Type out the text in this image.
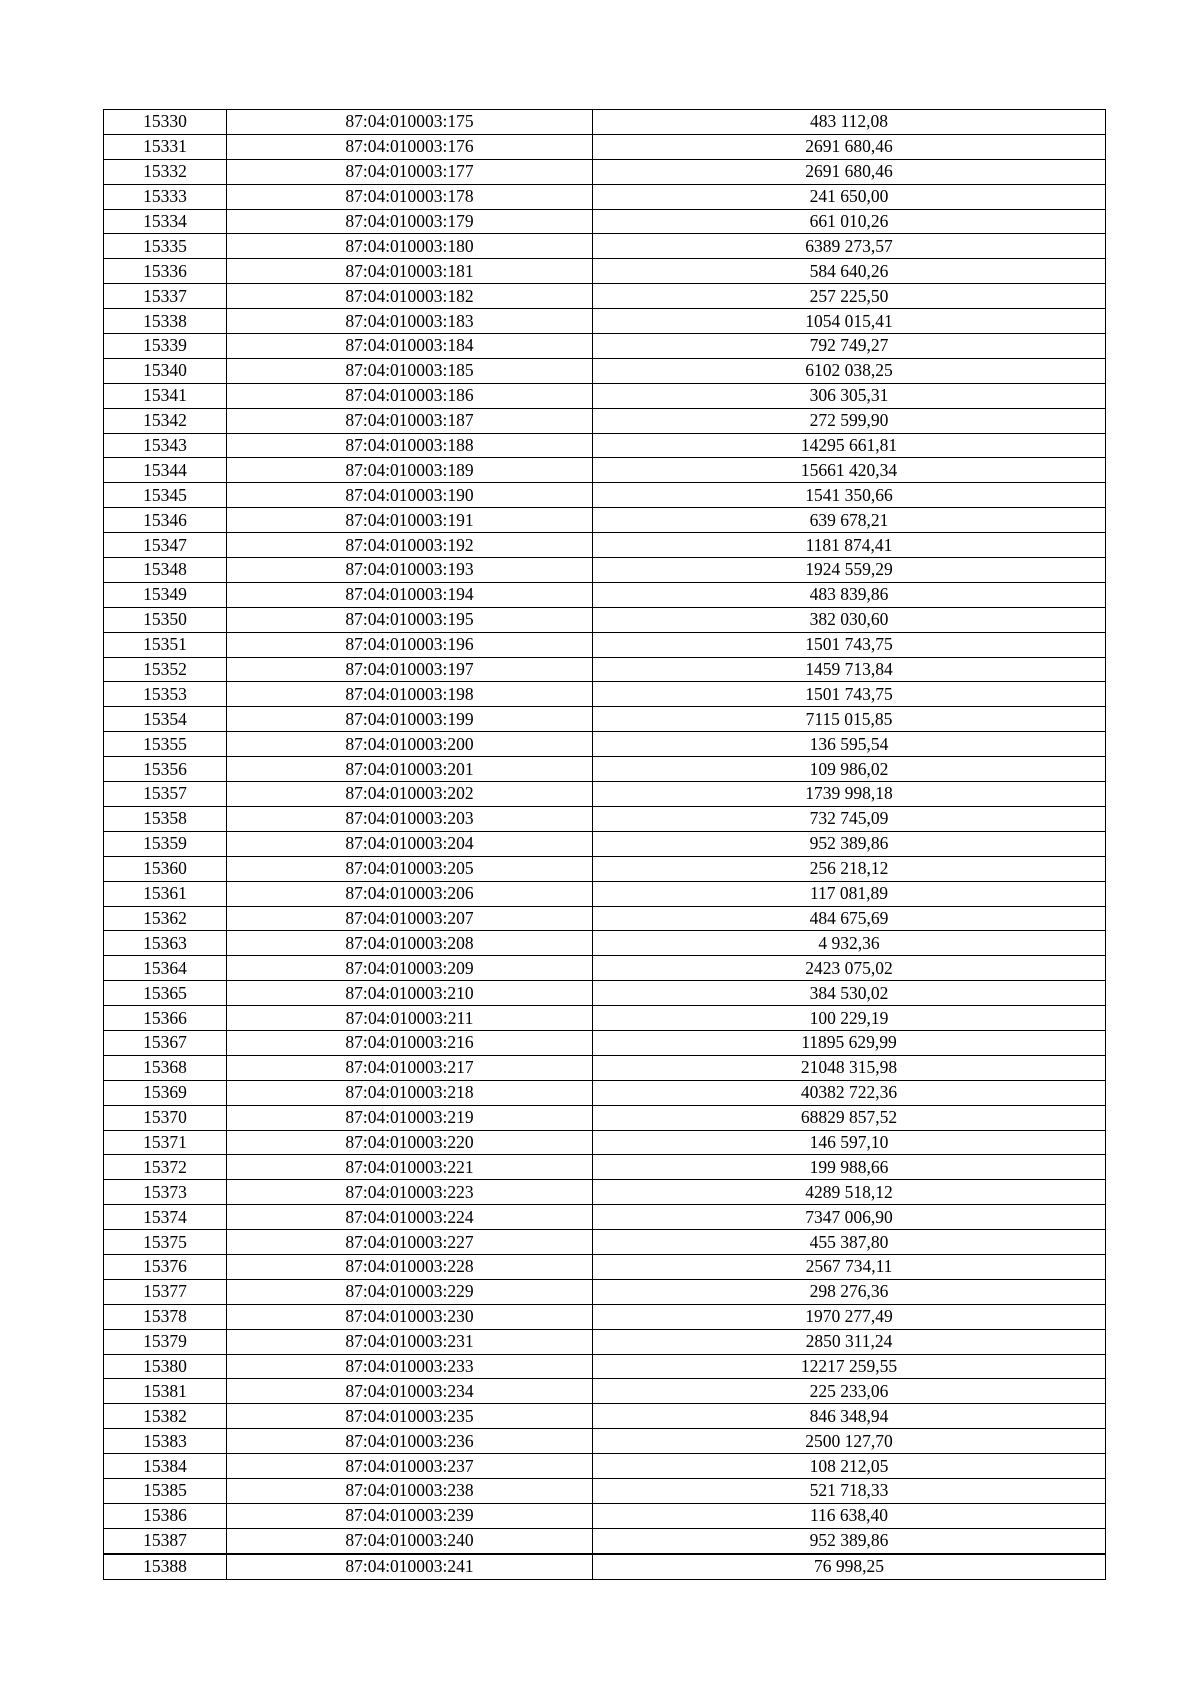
15330	87:04:010003:175	483 112,08
15331	87:04:010003:176	2691 680,46
15332	87:04:010003:177	2691 680,46
15333	87:04:010003:178	241 650,00
15334	87:04:010003:179	661 010,26
15335	87:04:010003:180	6389 273,57
15336	87:04:010003:181	584 640,26
15337	87:04:010003:182	257 225,50
15338	87:04:010003:183	1054 015,41
15339	87:04:010003:184	792 749,27
15340	87:04:010003:185	6102 038,25
15341	87:04:010003:186	306 305,31
15342	87:04:010003:187	272 599,90
15343	87:04:010003:188	14295 661,81
15344	87:04:010003:189	15661 420,34
15345	87:04:010003:190	1541 350,66
15346	87:04:010003:191	639 678,21
15347	87:04:010003:192	1181 874,41
15348	87:04:010003:193	1924 559,29
15349	87:04:010003:194	483 839,86
15350	87:04:010003:195	382 030,60
15351	87:04:010003:196	1501 743,75
15352	87:04:010003:197	1459 713,84
15353	87:04:010003:198	1501 743,75
15354	87:04:010003:199	7115 015,85
15355	87:04:010003:200	136 595,54
15356	87:04:010003:201	109 986,02
15357	87:04:010003:202	1739 998,18
15358	87:04:010003:203	732 745,09
15359	87:04:010003:204	952 389,86
15360	87:04:010003:205	256 218,12
15361	87:04:010003:206	117 081,89
15362	87:04:010003:207	484 675,69
15363	87:04:010003:208	4 932,36
15364	87:04:010003:209	2423 075,02
15365	87:04:010003:210	384 530,02
15366	87:04:010003:211	100 229,19
15367	87:04:010003:216	11895 629,99
15368	87:04:010003:217	21048 315,98
15369	87:04:010003:218	40382 722,36
15370	87:04:010003:219	68829 857,52
15371	87:04:010003:220	146 597,10
15372	87:04:010003:221	199 988,66
15373	87:04:010003:223	4289 518,12
15374	87:04:010003:224	7347 006,90
15375	87:04:010003:227	455 387,80
15376	87:04:010003:228	2567 734,11
15377	87:04:010003:229	298 276,36
15378	87:04:010003:230	1970 277,49
15379	87:04:010003:231	2850 311,24
15380	87:04:010003:233	12217 259,55
15381	87:04:010003:234	225 233,06
15382	87:04:010003:235	846 348,94
15383	87:04:010003:236	2500 127,70
15384	87:04:010003:237	108 212,05
15385	87:04:010003:238	521 718,33
15386	87:04:010003:239	116 638,40
15387	87:04:010003:240	952 389,86
15388	87:04:010003:241	76 998,25
